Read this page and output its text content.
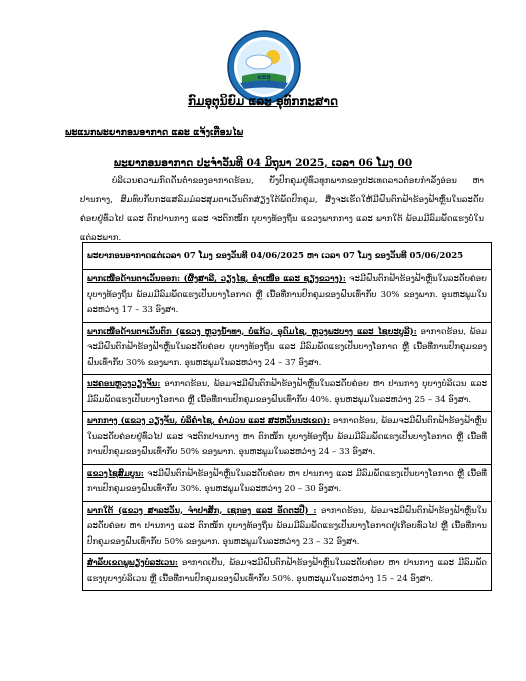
ຂອອຸ
ກົມອຸຕຸນິຍົມ ແລະ ອຸທົກກະສາດ
ພະແນກພະຍາກອນອາກາດ ແລະ ແຈ້ງເຕືອນໄພ
ພະຍາກອນອາກາດ ປະຈຳວັນທີ 04 ມິຖຸນາ 2025, ເວລາ 06 ໂມງ 00

ບໍລິເວນຄວາມກົດດັນຕ່ຳຂອງອາກາດຮ້ອນ, ຍັງປົກຄຸມຢູ່ທົ່ວທຸກພາກຂອງປະເທດລາວຕໍ່ອຍກຳລັງອ່ອນ ຫາ ປານກາງ, ສົມທົບກັບກະແສລົມມໍລະສຸມຕາເວັນຕົກສ່ຽງໃຕ້ພັດປົກຄຸມ, ສິ່ງຈະເຮັດໃຫ້ມີຝົນຕົກຟ້າຮ້ອງຟ້າຫຼົ່ນໃນລະດັບຄ່ອຍຢູ່ທົ່ວໄປ ແລະ ຕົກປານກາງ ແລະ ຈະຕົກໜັກ ບຸບາງທ້ອງຖິ່ນ ແຂວງພາກກາງ ແລະ ພາກໃຕ້ ພ້ອມມີລົມພັດແຮງບໍ່ໃນແຕ່ລະພາກ.

ພະຍາກອນອາກາດແຕ່ເວລາ 07 ໂມງ ຂອງວັນທີ 04/06/2025 ຫາ ເວລາ 07 ໂມງ ຂອງວັນທີ 05/06/2025
ພາກເໜືອດ້ານຕາເວັນອອກ: (ຜົ້ງສາລີ, ວຽງໄຊ, ຊໍາເໜືອ ແລະ ຊຽງຂວາງ): ຈະມີຝົນຕົກຟ້າຮ້ອງຟ້າຫຼົ່ນໃນລະດັບຄ່ອຍບຸບາງທ້ອງຖິ່ນ ພ້ອມມີລົມພັດແຮງເປັນບາງໂອກາດ ຫຼື ເນື້ອທີ່ການປົກຄຸມຂອງຝົນເທົ່າກັບ 30% ຂອງພາກ. ອຸນຫະພູມໃນລະຫວ່າງ 17 – 33 ອົງສາ.
ພາກເໜືອດ້ານຕາເວັນຕົກ (ແຂວງ ຫຼວງນ້ຳທາ, ບໍ່ແກ້ວ, ອຸດົມໄຊ, ຫຼວງພະບາງ ແລະ ໄຊຍະບູລີ): ອາກາດຮ້ອນ, ພ້ອມຈະມີຝົນຕົກຟ້າຮ້ອງຟ້າຫຼົ່ນໃນລະດັບຄ່ອຍ ບຸບາງທ້ອງຖິ່ນ ແລະ ມີລົມພັດແຮງເປັນບາງໂອກາດ ຫຼື ເນື້ອທີ່ການປົກຄຸມຂອງຝົນເທົ່າກັບ 30% ຂອງພາກ. ອຸນຫະພູມໃນລະຫວ່າງ 24 – 37 ອົງສາ.
ນະຄອນຫຼວງວຽງຈັນ: ອາກາດຮ້ອນ, ພ້ອມຈະມີຝົນຕົກຟ້າຮ້ອງຟ້າຫຼົ່ນໃນລະດັບຄ່ອຍ ຫາ ປານກາງ ບຸບາງບໍລິເວນ ແລະ ມີລົມພັດແຮງເປັນບາງໂອກາດ ຫຼື ເນື້ອທີ່ການປົກຄຸມຂອງຝົນເທົ່າກັບ 40%. ອຸນຫະພູມໃນລະຫວ່າງ 25 – 34 ອົງສາ.
ພາກກາງ (ແຂວງ ວຽງຈັນ, ບໍລິຄຳໄຊ, ຄຳມ່ວນ ແລະ ສະຫວັນນະເຂດ): ອາກາດຮ້ອນ, ພ້ອມຈະມີຝົນຕົກຟ້າຮ້ອງຟ້າຫຼົ່ນໃນລະດັບຄ່ອຍຢູ່ທົ່ວໄປ ແລະ ຈະຕົກປານກາງ ຫາ ຕົກໜັກ ບຸບາງທ້ອງຖິ່ນ ພ້ອມມີລົມພັດແຮງເປັນບາງໂອກາດ ຫຼື ເນື້ອທີ່ການປົກຄຸມຂອງຝົນເທົ່າກັບ 50% ຂອງພາກ. ອຸນຫະພູມໃນລະຫວ່າງ 24 – 33 ອົງສາ.
ແຂວງໄຊສົມບູນ: ຈະມີຝົນຕົກຟ້າຮ້ອງຟ້າຫຼົ່ນໃນລະດັບຄ່ອຍ ຫາ ປານກາງ ແລະ ມີລົມພັດແຮງເປັນບາງໂອກາດ ຫຼື ເນື້ອທີ່ການປົກຄຸມຂອງຝົນເທົ່າກັບ 30%. ອຸນຫະພູມໃນລະຫວ່າງ 20 – 30 ອົງສາ.
ພາກໃຕ້ (ແຂວງ ສາລະວັນ, ຈຳປາສັກ, ເຊກອງ ແລະ ອັດຕະປື) : ອາກາດຮ້ອນ, ພ້ອມຈະມີຝົນຕົກຟ້າຮ້ອງຟ້າຫຼົ່ນໃນລະດັບຄ່ອຍ ຫາ ປານກາງ ແລະ ຕົກໜັກ ບຸບາງທ້ອງຖິ່ນ ພ້ອມມີລົມພັດແຮງເປັນບາງໂອກາດຢູ່ເກືອບທົ່ວໄປ ຫຼື ເນື້ອທີ່ການປົກຄຸມຂອງຝົນເທົ່າກັບ 50% ຂອງພາກ. ອຸນຫະພູມໃນລະຫວ່າງ 23 – 32 ອົງສາ.
ສຳລັບເຂດພູພຽງບໍລະເວນ: ອາກາດເຢັນ, ພ້ອມຈະມີຝົນຕົກຟ້າຮ້ອງຟ້າຫຼົ່ນໃນລະດັບຄ່ອຍ ຫາ ປານກາງ ແລະ ມີລົມພັດແຮງບຸບາງບໍລິເວນ ຫຼື ເນື້ອທີ່ການປົກຄຸມຂອງຝົນເທົ່າກັບ 50%. ອຸນຫະພູມໃນລະຫວ່າງ 15 – 24 ອົງສາ.
